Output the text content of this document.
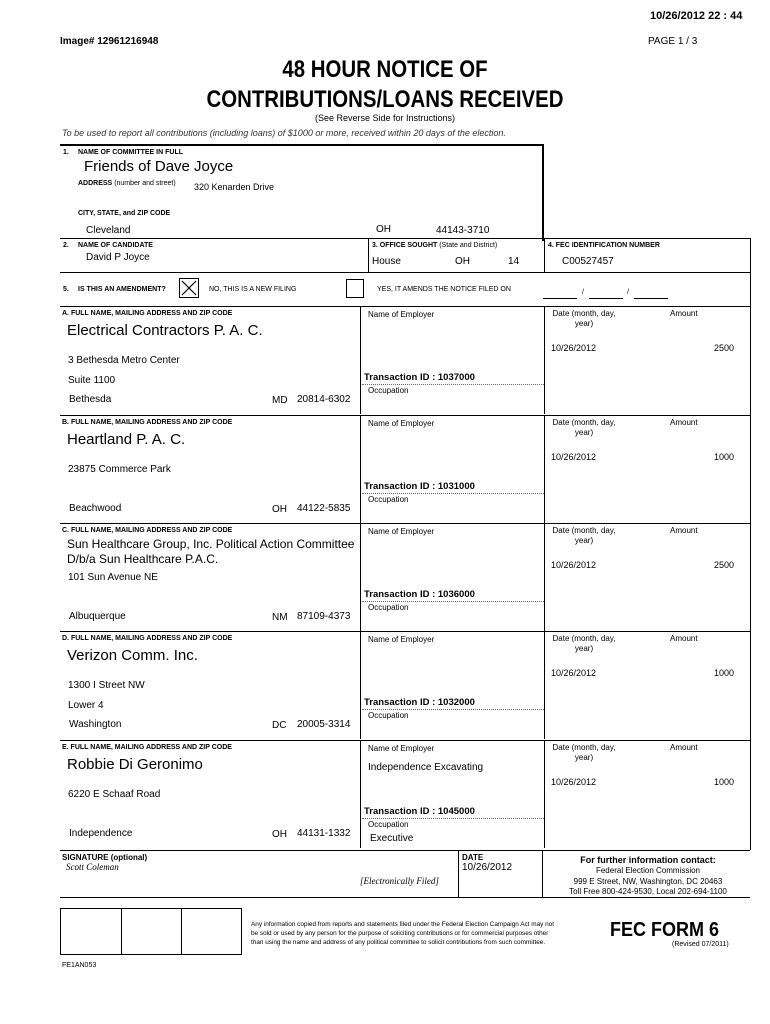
10/26/2012 22 : 44
Image# 12961216948	PAGE 1 / 3
48 HOUR NOTICE OF
CONTRIBUTIONS/LOANS RECEIVED
(See Reverse Side for Instructions)
To be used to report all contributions (including loans) of $1000 or more, received within 20 days of the election.
1. NAME OF COMMITTEE IN FULL
Friends of Dave Joyce
ADDRESS (number and street) 320 Kenarden Drive
CITY, STATE, and ZIP CODE
Cleveland	OH	44143-3710
2. NAME OF CANDIDATE
David P Joyce
3. OFFICE SOUGHT (State and District)
House	OH	14
4. FEC IDENTIFICATION NUMBER
C00527457
5. IS THIS AN AMENDMENT?	NO, THIS IS A NEW FILING	YES, IT AMENDS THE NOTICE FILED ON	/	/
A. FULL NAME, MAILING ADDRESS AND ZIP CODE
Electrical Contractors P. A. C.
3 Bethesda Metro Center
Suite 1100
Bethesda	MD 20814-6302
Name of Employer
Transaction ID : 1037000
Occupation
Date (month, day, year)
Amount
10/26/2012	2500
B. FULL NAME, MAILING ADDRESS AND ZIP CODE
Heartland P. A. C.
23875 Commerce Park
Beachwood	OH 44122-5835
Name of Employer
Transaction ID : 1031000
Occupation
Date (month, day, year)
Amount
10/26/2012	1000
C. FULL NAME, MAILING ADDRESS AND ZIP CODE
Sun Healthcare Group, Inc. Political Action Committee
D/b/a Sun Healthcare P.A.C.
101 Sun Avenue NE
Albuquerque	NM 87109-4373
Name of Employer
Transaction ID : 1036000
Occupation
Date (month, day, year)
Amount
10/26/2012	2500
D. FULL NAME, MAILING ADDRESS AND ZIP CODE
Verizon Comm. Inc.
1300 I Street NW
Lower 4
Washington	DC 20005-3314
Name of Employer
Transaction ID : 1032000
Occupation
Date (month, day, year)
Amount
10/26/2012	1000
E. FULL NAME, MAILING ADDRESS AND ZIP CODE
Robbie Di Geronimo
6220 E Schaaf Road
Independence	OH 44131-1332
Name of Employer
Independence Excavating
Transaction ID : 1045000
Occupation
Executive
Date (month, day, year)
Amount
10/26/2012	1000
SIGNATURE (optional)
Scott Coleman
[Electronically Filed]
DATE
10/26/2012
For further information contact:
Federal Election Commission
999 E Street, NW, Washington, DC 20463
Toll Free 800-424-9530, Local 202-694-1100
Any information copied from reports and statements filed under the Federal Election Campaign Act may not
be sold or used by any person for the purpose of soliciting contributions or for commercial purposes other
than using the name and address of any political committee to solicit contributions from such committee.
FEC FORM 6
(Revised 07/2011)
FE1AN053
